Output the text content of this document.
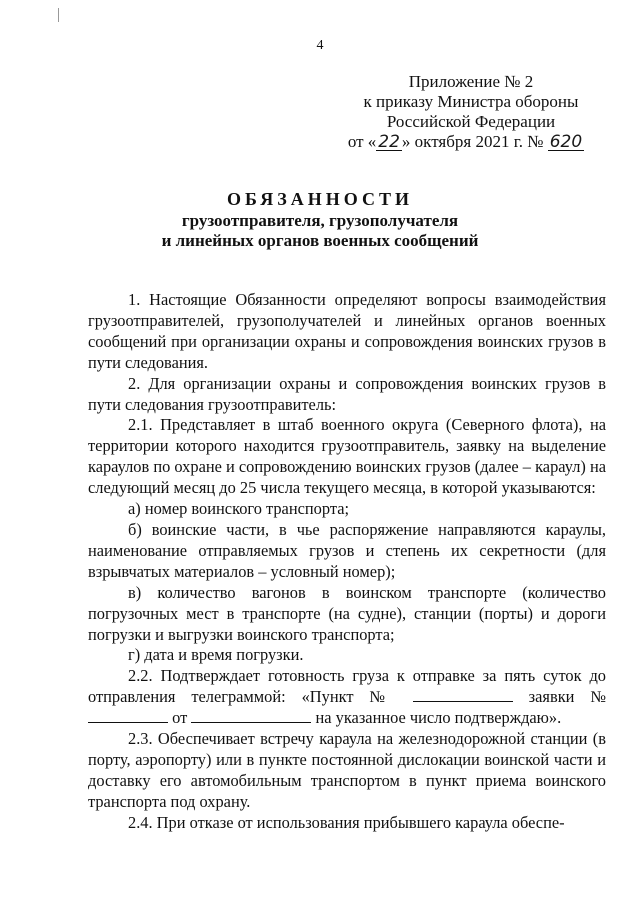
4
Приложение № 2
к приказу Министра обороны
Российской Федерации
от « 22 » октября 2021 г. № 620
ОБЯЗАННОСТИ
грузоотправителя, грузополучателя
и линейных органов военных сообщений

1. Настоящие Обязанности определяют вопросы взаимодействия грузоотправителей, грузополучателей и линейных органов военных сообщений при организации охраны и сопровождения воинских грузов в пути следования.

2. Для организации охраны и сопровождения воинских грузов в пути следования грузоотправитель:

2.1. Представляет в штаб военного округа (Северного флота), на территории которого находится грузоотправитель, заявку на выделение караулов по охране и сопровождению воинских грузов (далее – караул) на следующий месяц до 25 числа текущего месяца, в которой указываются:

а) номер воинского транспорта;

б) воинские части, в чье распоряжение направляются караулы, наименование отправляемых грузов и степень их секретности (для взрывчатых материалов – условный номер);

в) количество вагонов в воинском транспорте (количество погрузочных мест в транспорте (на судне), станции (порты) и дороги погрузки и выгрузки воинского транспорта;

г) дата и время погрузки.

2.2. Подтверждает готовность груза к отправке за пять суток до отправления телеграммой: «Пункт №	заявки №  от	на указанное число подтверждаю».

2.3. Обеспечивает встречу караула на железнодорожной станции (в порту, аэропорту) или в пункте постоянной дислокации воинской части и доставку его автомобильным транспортом в пункт приема воинского транспорта под охрану.

2.4. При отказе от использования прибывшего караула обеспе-
